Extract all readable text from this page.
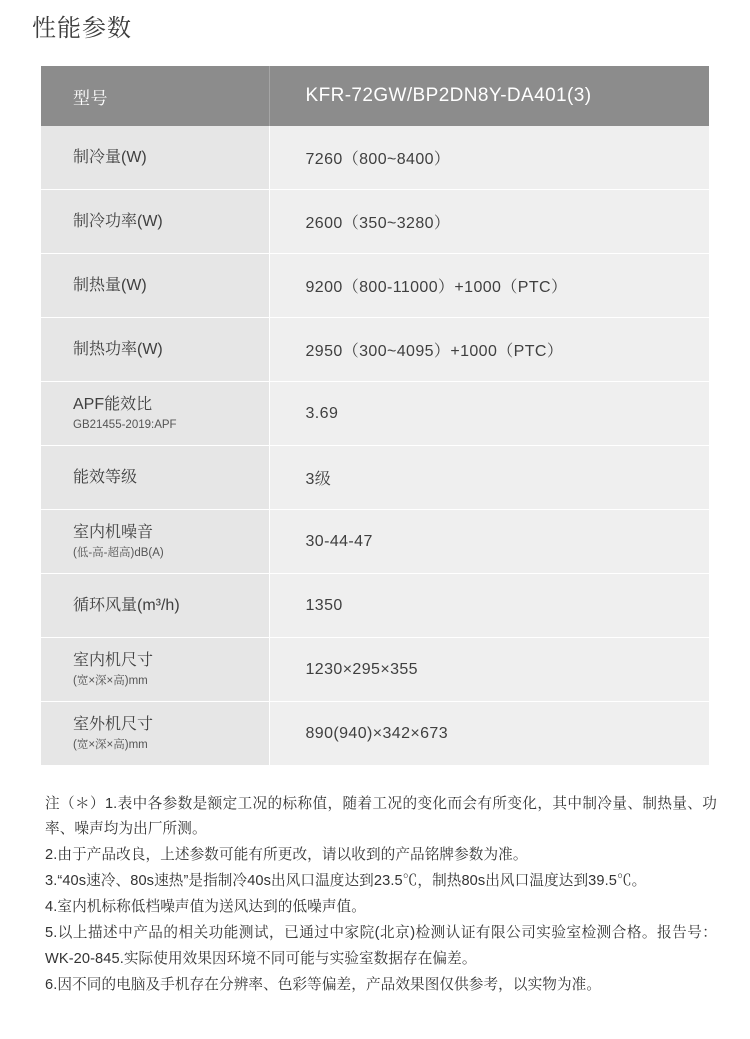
性能参数
型号	KFR-72GW/BP2DN8Y-DA401(3)

制冷量(W)	7260（800~8400）

制冷功率(W)	2600（350~3280）

制热量(W)	9200（800-11000）+1000（PTC）

制热功率(W)	2950（300~4095）+1000（PTC）

APF能效比
GB21455-2019:APF	3.69

能效等级	3级

室内机噪音
(低-高-超高)dB(A)	30-44-47

循环风量(m³/h)	1350

室内机尺寸
(宽×深×高)mm	1230×295×355

室外机尺寸
(宽×深×高)mm	890(940)×342×673

注（＊）1.表中各参数是额定工况的标称值，随着工况的变化而会有所变化，其中制冷量、制热量、功率、噪声均为出厂所测。

2.由于产品改良，上述参数可能有所更改，请以收到的产品铭牌参数为准。

3.“40s速冷、80s速热”是指制冷40s出风口温度达到23.5℃，制热80s出风口温度达到39.5℃。

4.室内机标称低档噪声值为送风达到的低噪声值。

5.以上描述中产品的相关功能测试，已通过中家院(北京)检测认证有限公司实验室检测合格。报告号：WK-20-845.实际使用效果因环境不同可能与实验室数据存在偏差。

6.因不同的电脑及手机存在分辨率、色彩等偏差，产品效果图仅供参考，以实物为准。
